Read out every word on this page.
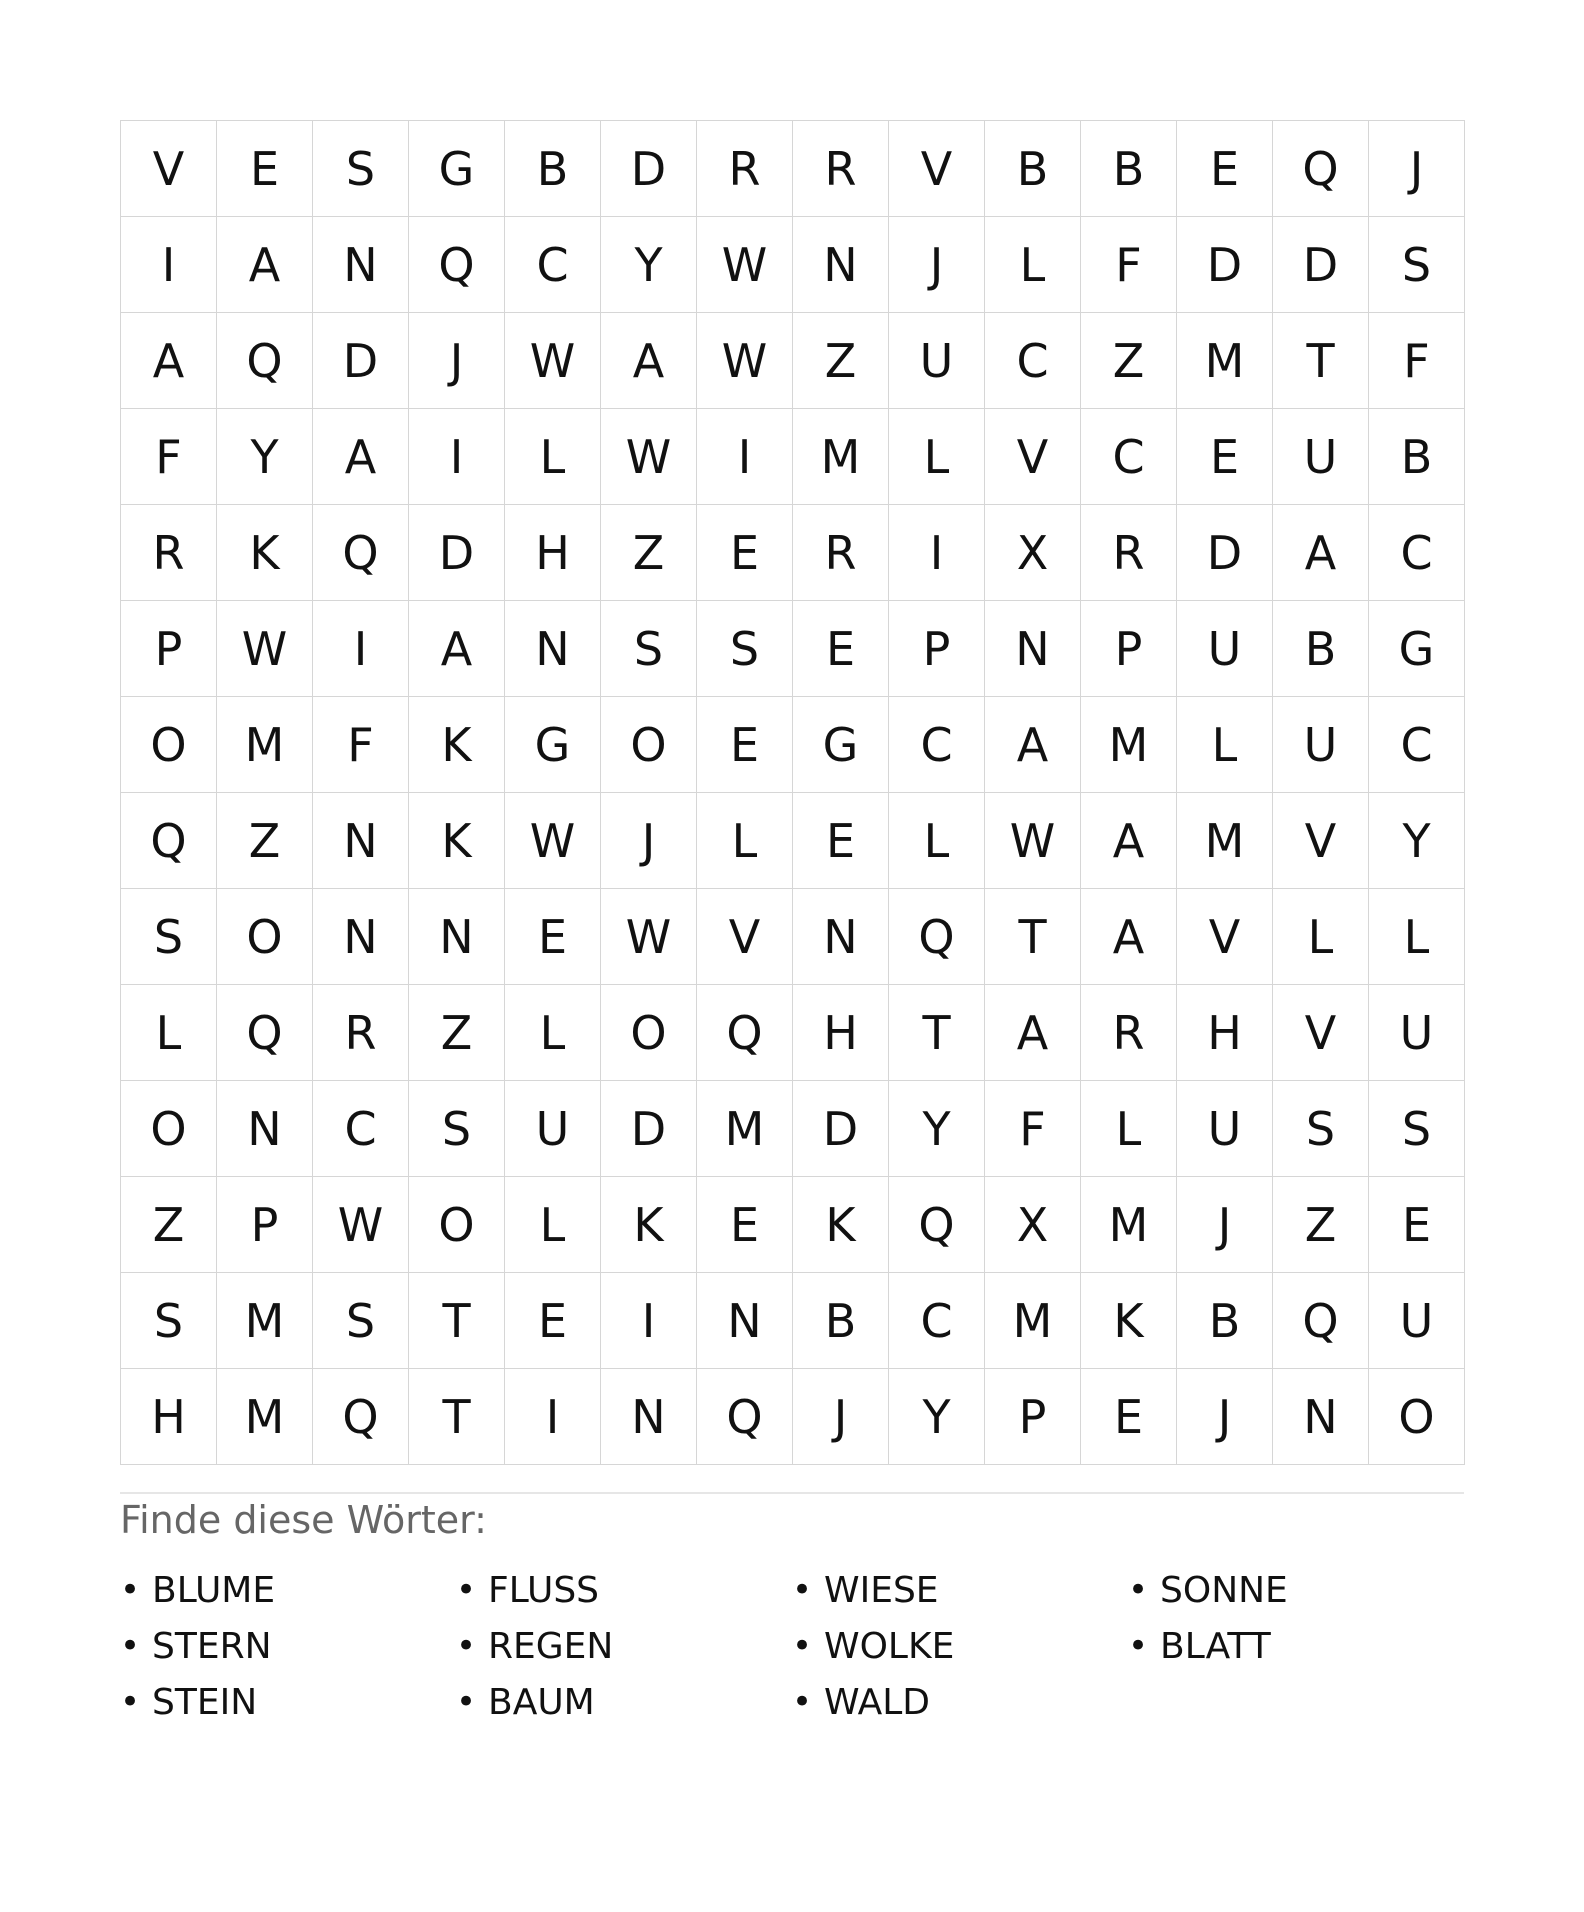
V	E	S	G	B	D	R	R	V	B	B	E	Q	J
I	A	N	Q	C	Y	W	N	J	L	F	D	D	S
A	Q	D	J	W	A	W	Z	U	C	Z	M	T	F
F	Y	A	I	L	W	I	M	L	V	C	E	U	B
R	K	Q	D	H	Z	E	R	I	X	R	D	A	C
P	W	I	A	N	S	S	E	P	N	P	U	B	G
O	M	F	K	G	O	E	G	C	A	M	L	U	C
Q	Z	N	K	W	J	L	E	L	W	A	M	V	Y
S	O	N	N	E	W	V	N	Q	T	A	V	L	L
L	Q	R	Z	L	O	Q	H	T	A	R	H	V	U
O	N	C	S	U	D	M	D	Y	F	L	U	S	S
Z	P	W	O	L	K	E	K	Q	X	M	J	Z	E
S	M	S	T	E	I	N	B	C	M	K	B	Q	U
H	M	Q	T	I	N	Q	J	Y	P	E	J	N	O
Finde diese Wörter:
• BLUME	• FLUSS	• WIESE	• SONNE
• STERN	• REGEN	• WOLKE	• BLATT
• STEIN	• BAUM	• WALD
